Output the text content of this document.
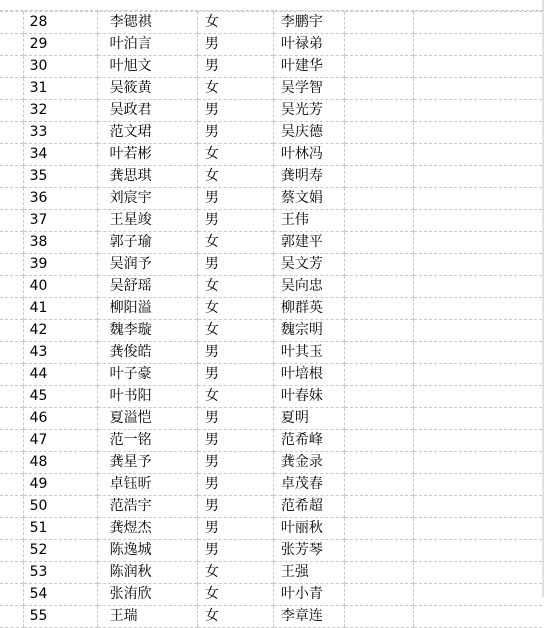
	28	李锶祺	女	李鹏宇		
	29	叶泊言	男	叶禄弟		
	30	叶旭文	男	叶建华		
	31	吴筱黄	女	吴学智		
	32	吴政君	男	吴光芳		
	33	范文珺	男	吴庆德		
	34	叶若彬	女	叶林冯		
	35	龚思琪	女	龚明寿		
	36	刘宸宇	男	蔡文娟		
	37	王星竣	男	王伟		
	38	郭子瑜	女	郭建平		
	39	吴润予	男	吴文芳		
	40	吴舒瑶	女	吴向忠		
	41	柳阳溢	女	柳群英		
	42	魏李璇	女	魏宗明		
	43	龚俊皓	男	叶其玉		
	44	叶子豪	男	叶培根		
	45	叶书阳	女	叶春妹		
	46	夏溢恺	男	夏明		
	47	范一铭	男	范希峰		
	48	龚星予	男	龚金录		
	49	卓钰昕	男	卓茂春		
	50	范浩宇	男	范希超		
	51	龚煜杰	男	叶丽秋		
	52	陈逸城	男	张芳琴		
	53	陈润秋	女	王强		
	54	张洧欣	女	叶小青		
	55	王瑞	女	李章连		
